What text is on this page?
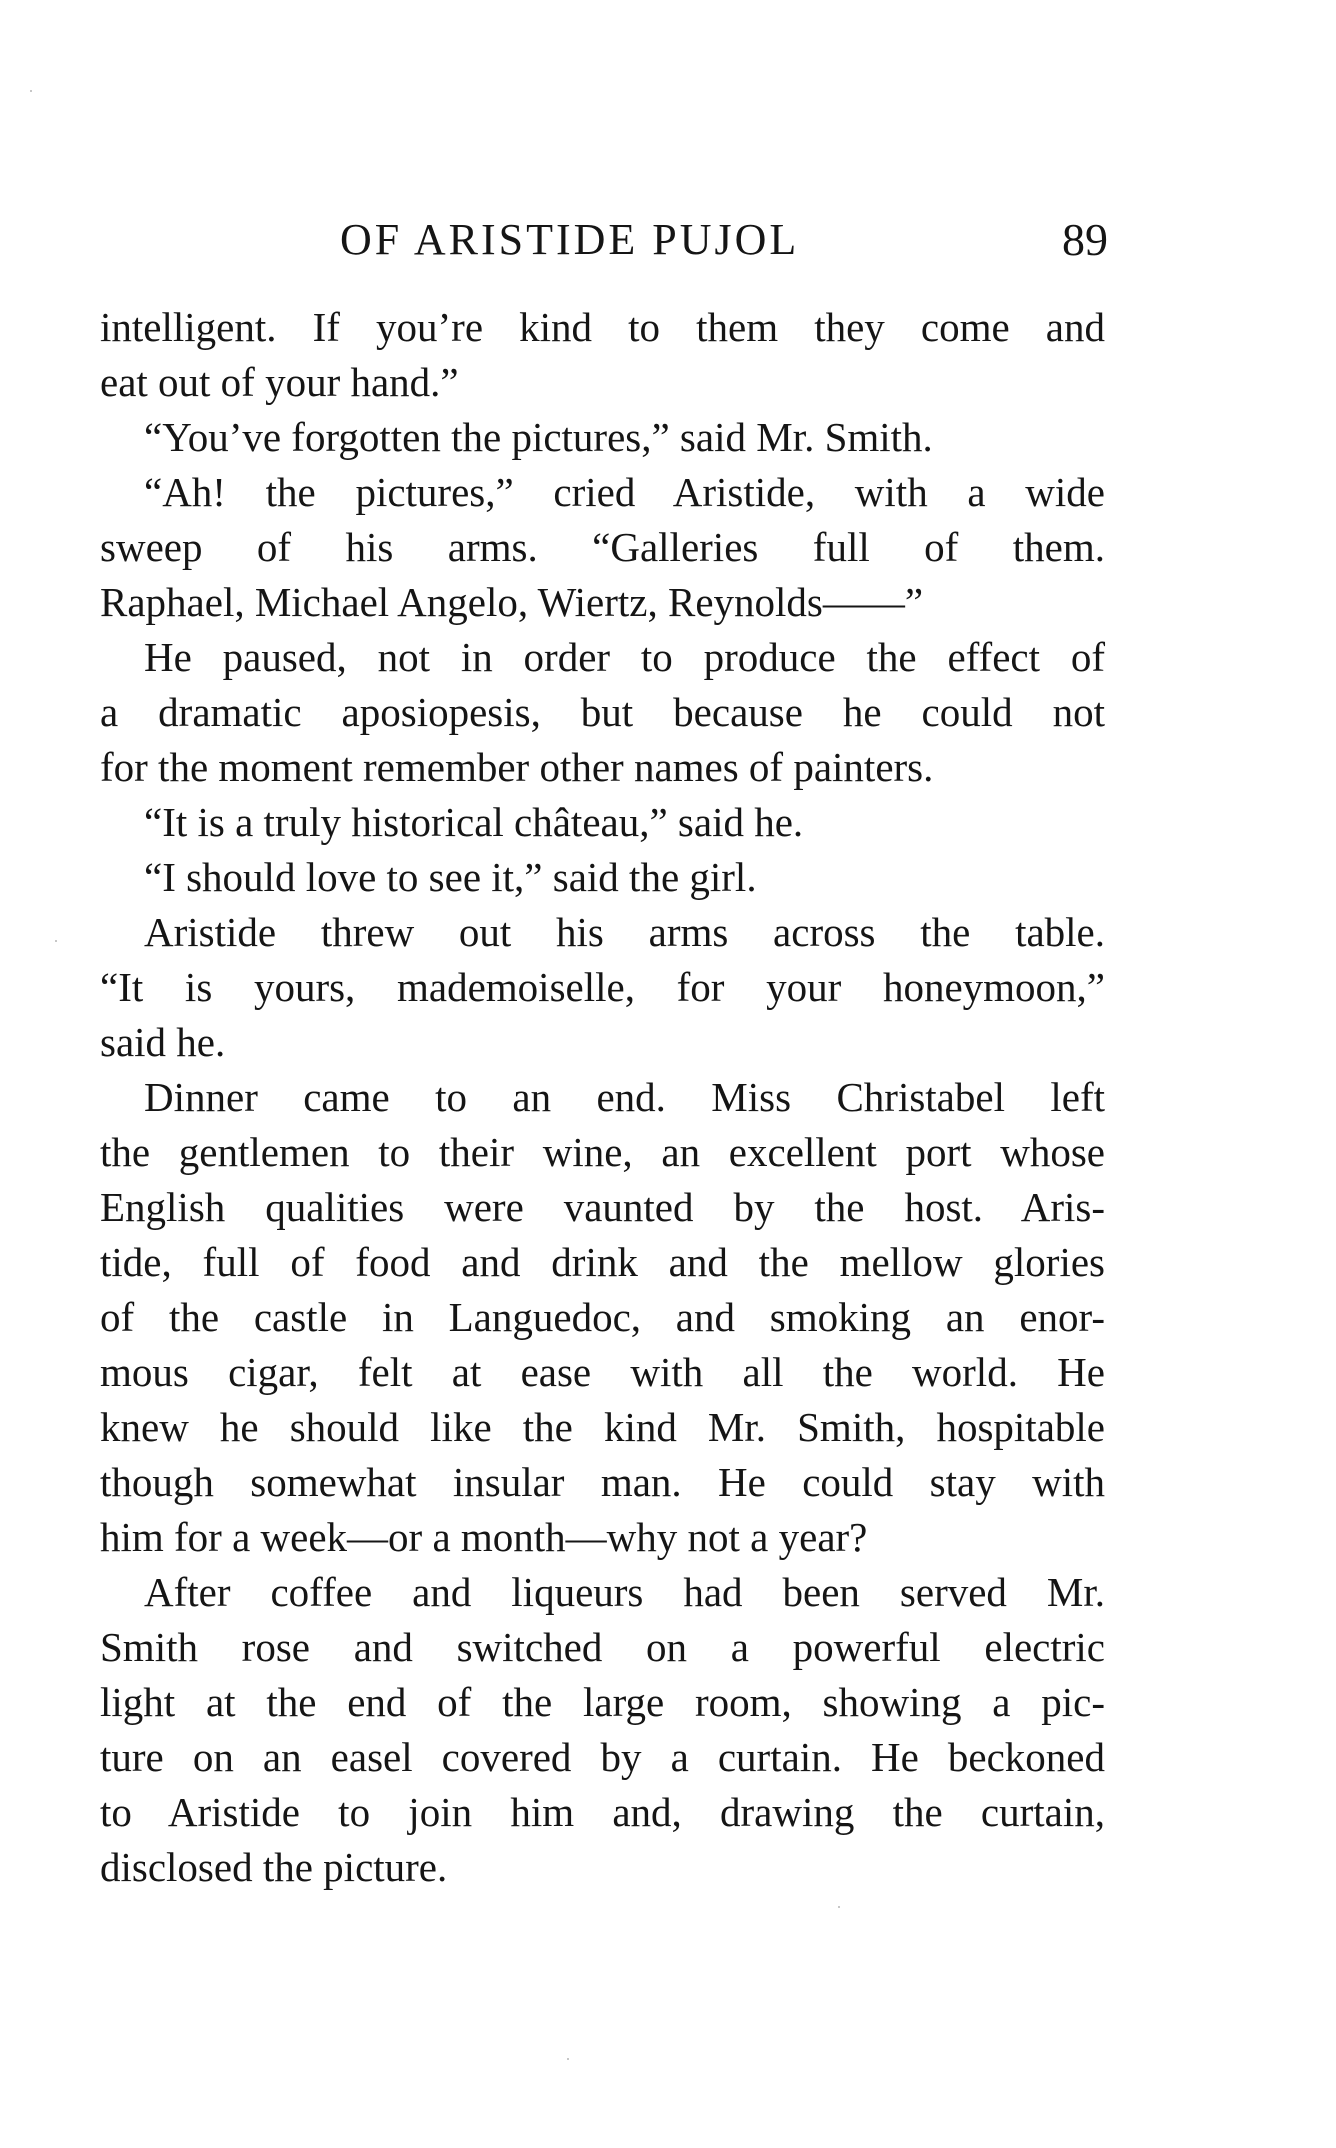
OF ARISTIDE PUJOL	89
intelligent. If you’re kind to them they come and
eat out of your hand.”
“You’ve forgotten the pictures,” said Mr. Smith.
“Ah! the pictures,” cried Aristide, with a wide
sweep of his arms. “Galleries full of them.
Raphael, Michael Angelo, Wiertz, Reynolds——”
He paused, not in order to produce the effect of
a dramatic aposiopesis, but because he could not
for the moment remember other names of painters.
“It is a truly historical château,” said he.
“I should love to see it,” said the girl.
Aristide threw out his arms across the table.
“It is yours, mademoiselle, for your honeymoon,”
said he.
Dinner came to an end. Miss Christabel left
the gentlemen to their wine, an excellent port whose
English qualities were vaunted by the host. Aris-
tide, full of food and drink and the mellow glories
of the castle in Languedoc, and smoking an enor-
mous cigar, felt at ease with all the world. He
knew he should like the kind Mr. Smith, hospitable
though somewhat insular man. He could stay with
him for a week—or a month—why not a year?
After coffee and liqueurs had been served Mr.
Smith rose and switched on a powerful electric
light at the end of the large room, showing a pic-
ture on an easel covered by a curtain. He beckoned
to Aristide to join him and, drawing the curtain,
disclosed the picture.
